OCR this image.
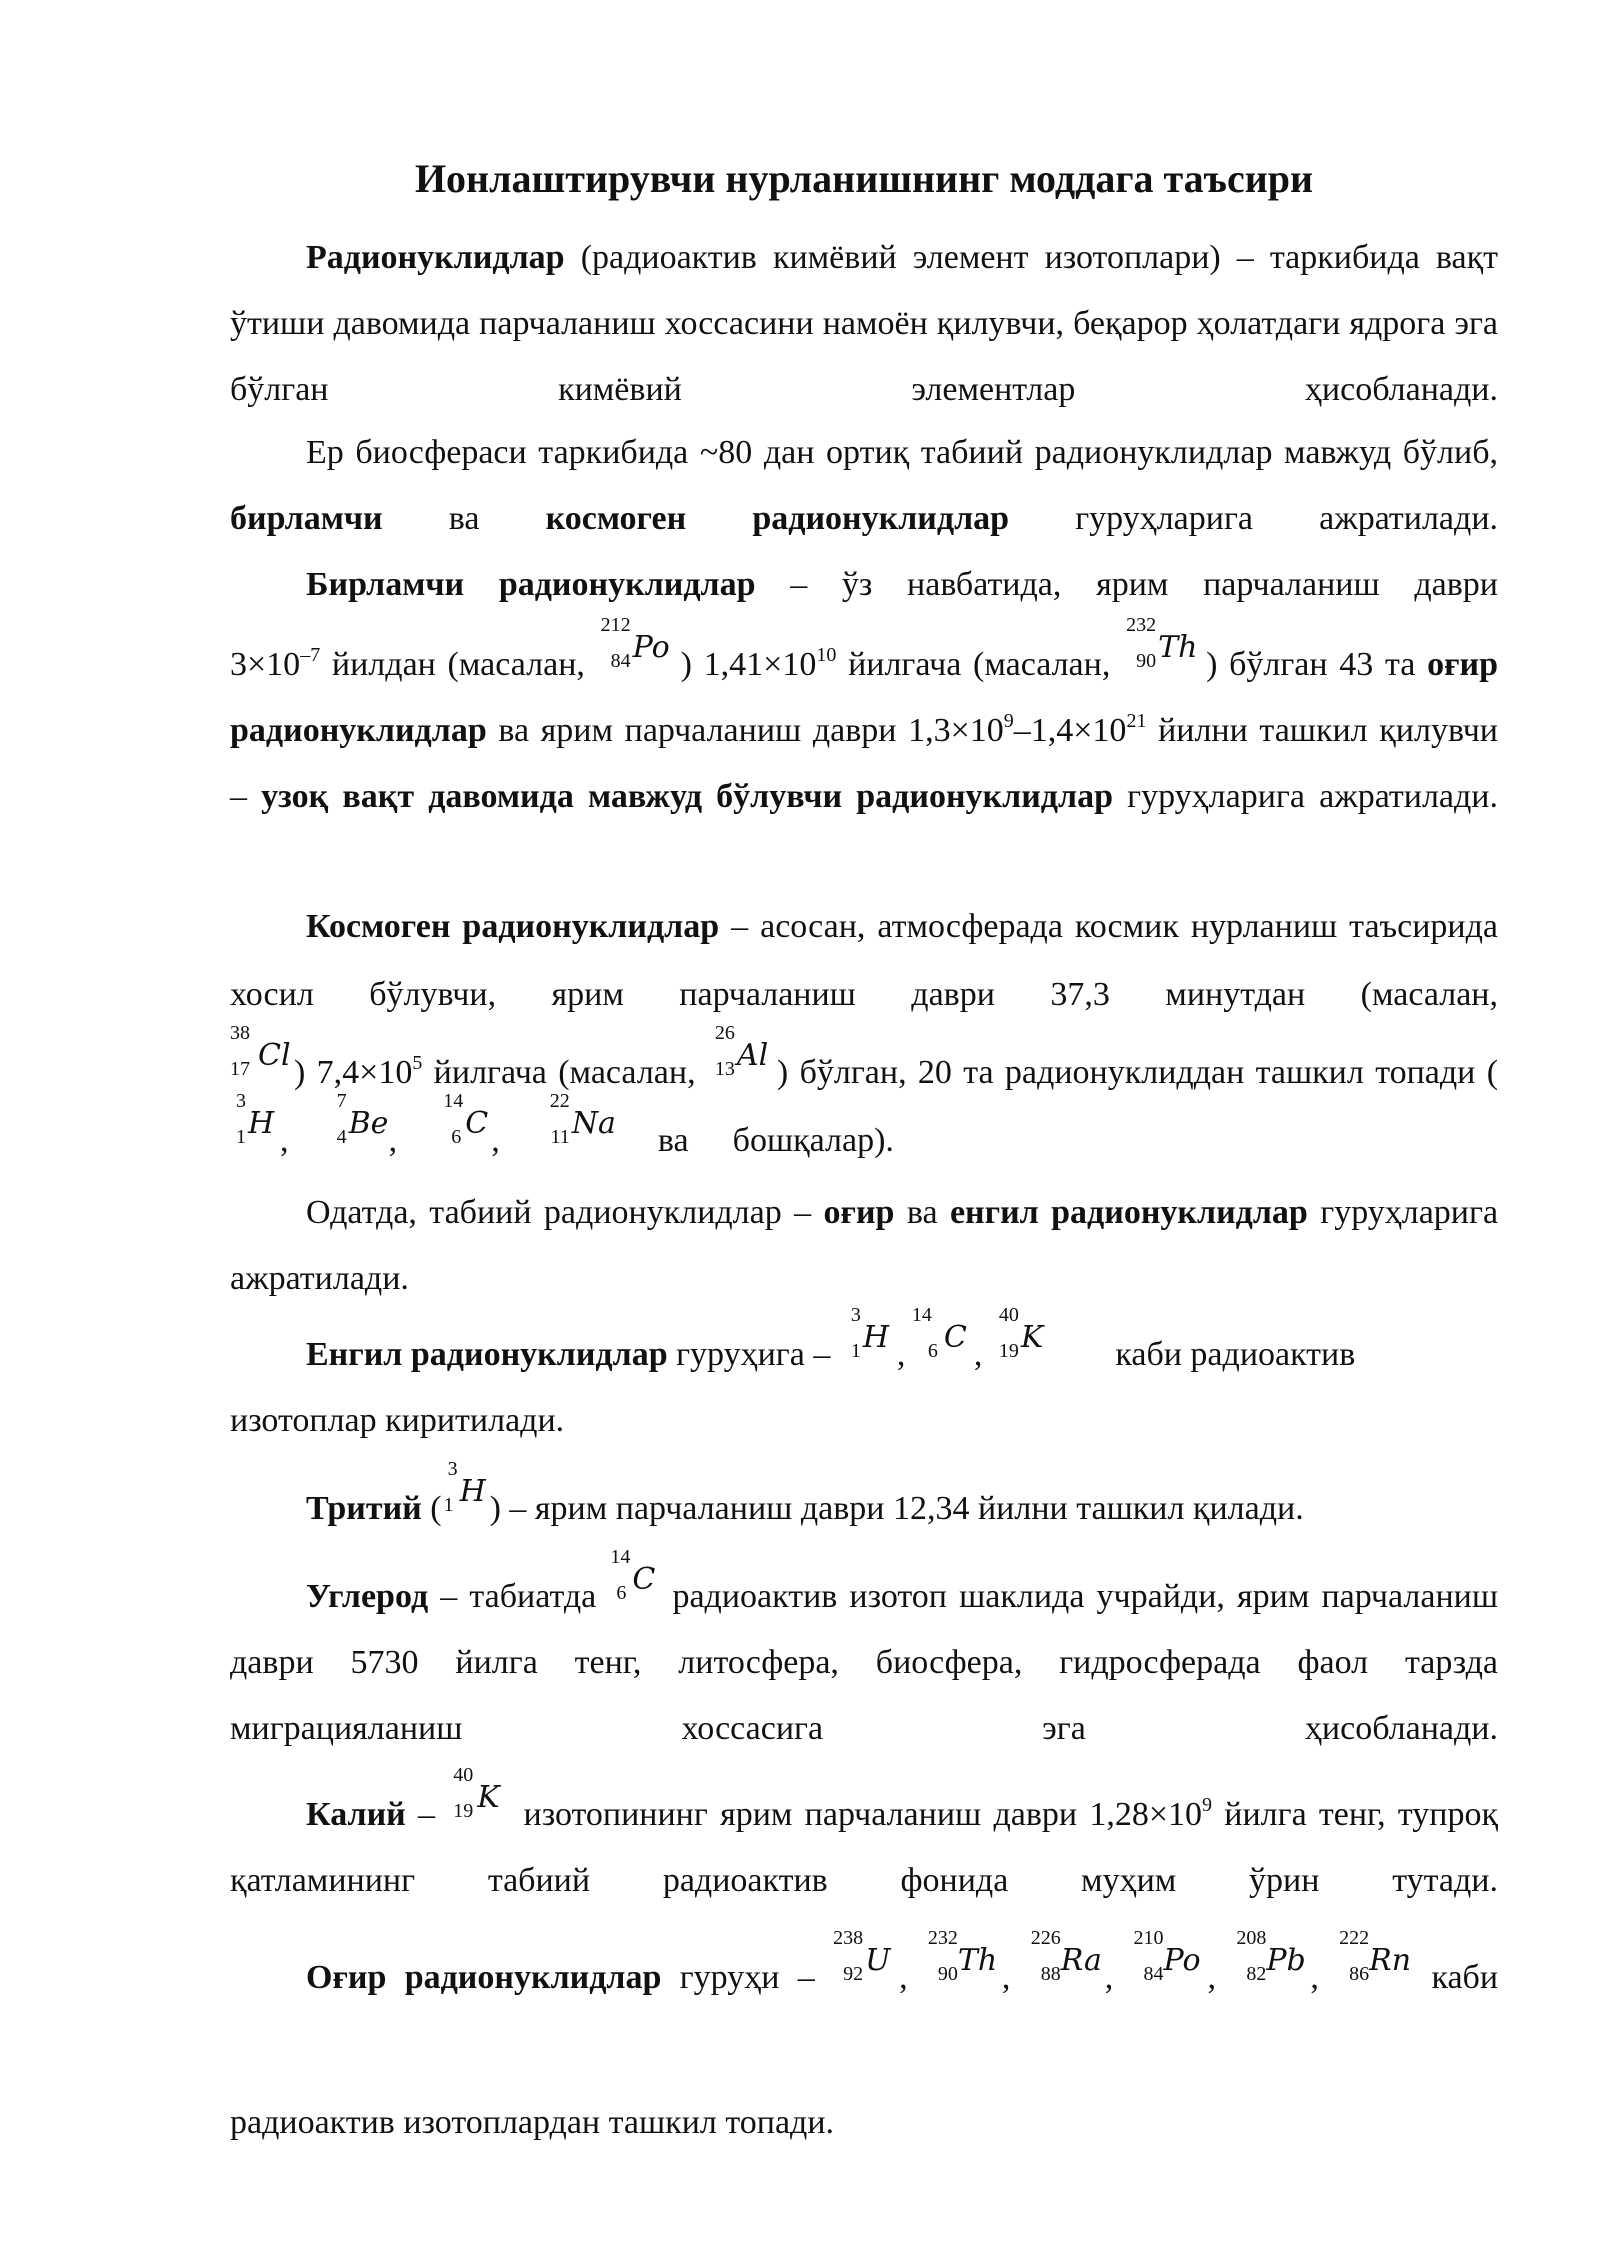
Ионлаштирувчи нурланишнинг моддага таъсири
Радионуклидлар (радиоактив кимёвий элемент изотоплари) – таркибида вақт ўтиши давомида парчаланиш хоссасини намоён қилувчи, беқарор ҳолатдаги ядрога эга бўлган кимёвий элементлар ҳисобланади.
Ер биосфераси таркибида ~80 дан ортиқ табиий радионуклидлар мавжуд бўлиб, бирламчи ва космоген радионуклидлар гуруҳларига ажратилади.
Бирламчи радионуклидлар – ўз навбатида, ярим парчаланиш даври
$3\times 10^{-7}$ йилдан (масалан,
212
84 Po ) $1,41\times 10^{10}$ йилгача (масалан,
232
90 Th ) бўлган 43 та оғир радионуклидлар ва ярим парчаланиш даври $1,3\times 10^9-1,4\times 10^{21}$ йилни ташкил қилувчи – узоқ вақт давомида мавжуд бўлувчи радионуклидлар гуруҳларига ажратилади.
Космоген радионуклидлар – асосан, атмосферада космик нурланиш таъсирида хосил бўлувчи, ярим парчаланиш даври 37,3 минутдан (масалан,
38
17 Cl ) $7,4\times 10^5$ йилгача (масалан,
26
13 Al ) бўлган, 20 та радионуклиддан ташкил топади (
3
1 H ,
7
4 Be ,
14
6 C ,
22
11 Na ва бошқалар).
Одатда, табиий радионуклидлар – оғир ва енгил радионуклидлар гуруҳларига ажратилади.
Енгил радионуклидлар гуруҳига –
3
1 H ,
14
6 C ,
40
19 K каби радиоактив
изотоплар киритилади.
Тритий (
3
1 H ) – ярим парчаланиш даври 12,34 йилни ташкил қилади.
Углерод – табиатда
14
6 C радиоактив изотоп шаклида учрайди, ярим парчаланиш даври 5730 йилга тенг, литосфера, биосфера, гидросферада фаол тарзда миграцияланиш хоссасига эга ҳисобланади.
Калий –
40
19 K изотопининг ярим парчаланиш даври $1,28\times 10^9$ йилга тенг, тупроқ қатламининг табиий радиоактив фонида муҳим ўрин тутади.
Оғир радионуклидлар гуруҳи –
238
92 U ,
232
90 Th ,
226
88 Ra ,
210
84 Po ,
208
82 Pb ,
222
86 Rn каби
радиоактив изотоплардан ташкил топади.
